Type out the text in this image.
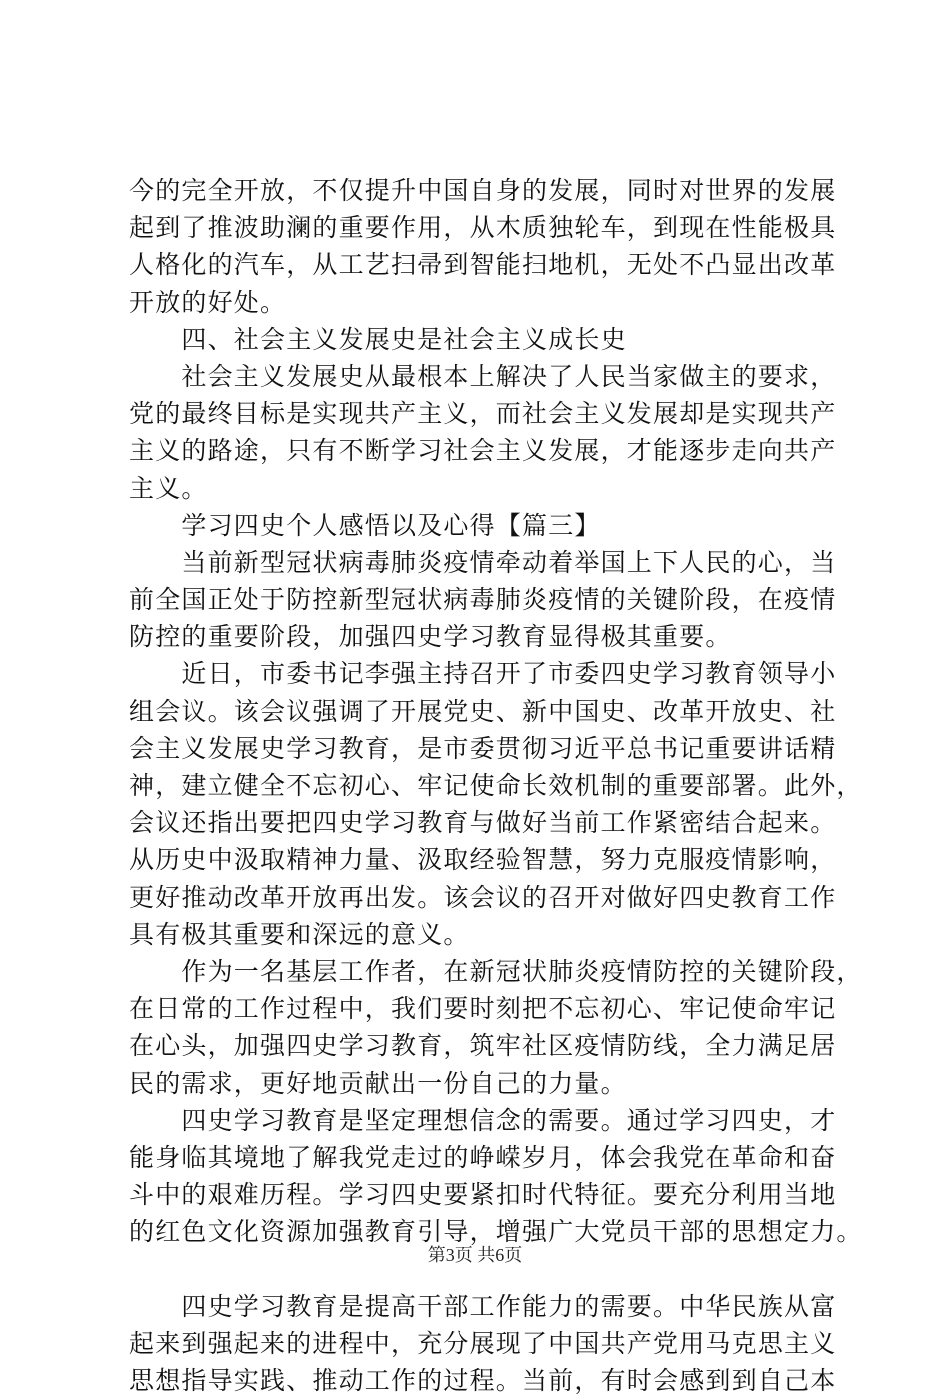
今的完全开放，不仅提升中国自身的发展，同时对世界的发展
起到了推波助澜的重要作用，从木质独轮车，到现在性能极具
人格化的汽车，从工艺扫帚到智能扫地机，无处不凸显出改革
开放的好处。
　　四、社会主义发展史是社会主义成长史
　　社会主义发展史从最根本上解决了人民当家做主的要求，
党的最终目标是实现共产主义，而社会主义发展却是实现共产
主义的路途，只有不断学习社会主义发展，才能逐步走向共产
主义。
　　学习四史个人感悟以及心得【篇三】
　　当前新型冠状病毒肺炎疫情牵动着举国上下人民的心，当
前全国正处于防控新型冠状病毒肺炎疫情的关键阶段，在疫情
防控的重要阶段，加强四史学习教育显得极其重要。
　　近日，市委书记李强主持召开了市委四史学习教育领导小
组会议。该会议强调了开展党史、新中国史、改革开放史、社
会主义发展史学习教育，是市委贯彻习近平总书记重要讲话精
神，建立健全不忘初心、牢记使命长效机制的重要部署。此外，
会议还指出要把四史学习教育与做好当前工作紧密结合起来。
从历史中汲取精神力量、汲取经验智慧，努力克服疫情影响，
更好推动改革开放再出发。该会议的召开对做好四史教育工作
具有极其重要和深远的意义。
　　作为一名基层工作者，在新冠状肺炎疫情防控的关键阶段，
在日常的工作过程中，我们要时刻把不忘初心、牢记使命牢记
在心头，加强四史学习教育，筑牢社区疫情防线，全力满足居
民的需求，更好地贡献出一份自己的力量。
　　四史学习教育是坚定理想信念的需要。通过学习四史，才
能身临其境地了解我党走过的峥嵘岁月，体会我党在革命和奋
斗中的艰难历程。学习四史要紧扣时代特征。要充分利用当地
的红色文化资源加强教育引导，增强广大党员干部的思想定力。
　　四史学习教育是提高干部工作能力的需要。中华民族从富
起来到强起来的进程中，充分展现了中国共产党用马克思主义
思想指导实践、推动工作的过程。当前，有时会感到到自己本
第3页 共6页
